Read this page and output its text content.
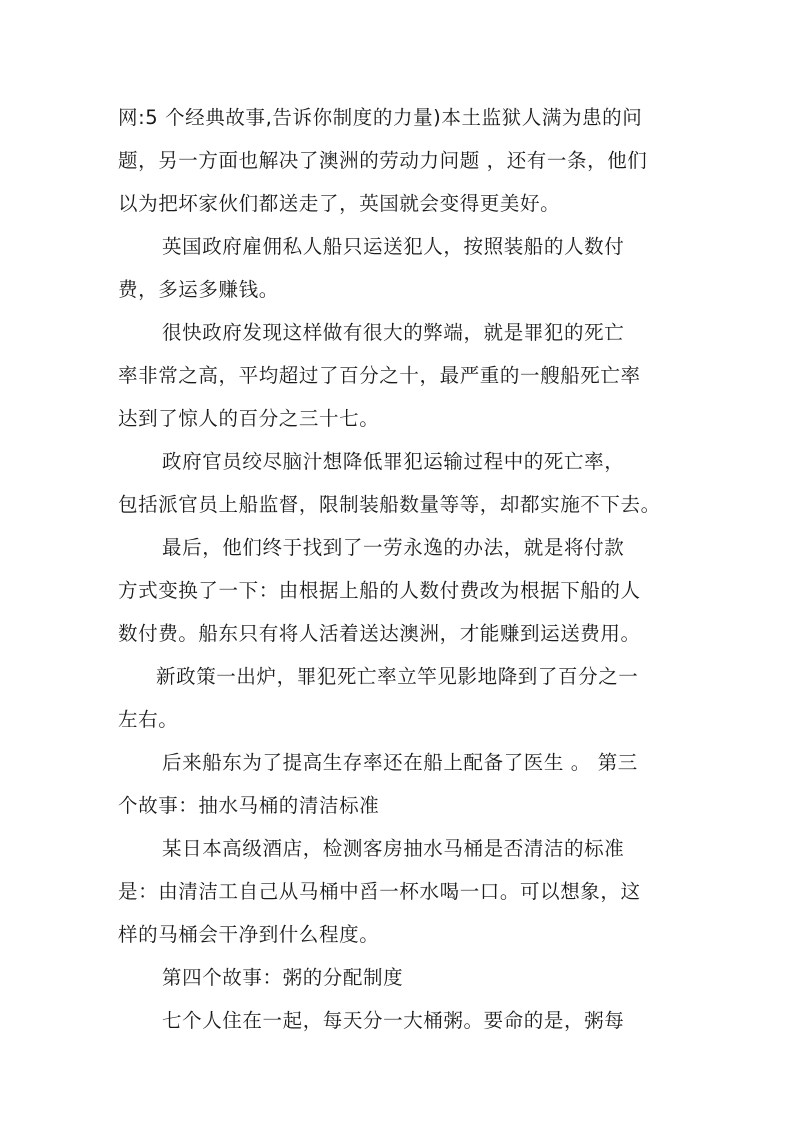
网:5 个经典故事,告诉你制度的力量)本土监狱人满为患的问

题，另一方面也解决了澳洲的劳动力问题 ，还有一条，他们

以为把坏家伙们都送走了，英国就会变得更美好。

英国政府雇佣私人船只运送犯人，按照装船的人数付

费，多运多赚钱。

很快政府发现这样做有很大的弊端，就是罪犯的死亡

率非常之高，平均超过了百分之十，最严重的一艘船死亡率

达到了惊人的百分之三十七。

政府官员绞尽脑汁想降低罪犯运输过程中的死亡率，

包括派官员上船监督，限制装船数量等等，却都实施不下去。

最后，他们终于找到了一劳永逸的办法，就是将付款

方式变换了一下：由根据上船的人数付费改为根据下船的人

数付费。船东只有将人活着送达澳洲，才能赚到运送费用。

新政策一出炉，罪犯死亡率立竿见影地降到了百分之一

左右。

后来船东为了提高生存率还在船上配备了医生 。 第三

个故事：抽水马桶的清洁标准

某日本高级酒店，检测客房抽水马桶是否清洁的标准

是：由清洁工自己从马桶中舀一杯水喝一口。可以想象，这

样的马桶会干净到什么程度。

第四个故事：粥的分配制度

七个人住在一起，每天分一大桶粥。要命的是，粥每
